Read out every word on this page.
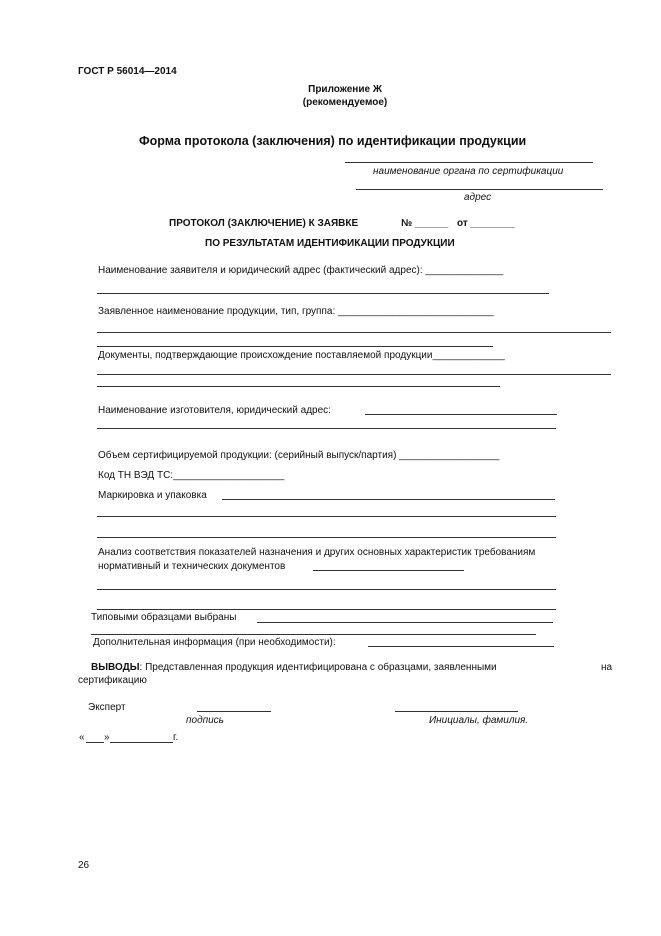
ГОСТ Р 56014—2014
Приложение Ж
(рекомендуемое)
Форма протокола (заключения) по идентификации продукции
наименование органа по сертификации
адрес
ПРОТОКОЛ (ЗАКЛЮЧЕНИЕ) К ЗАЯВКЕ	№ ______ от ________
ПО РЕЗУЛЬТАТАМ ИДЕНТИФИКАЦИИ ПРОДУКЦИИ
Наименование заявителя и юридический адрес (фактический адрес): ______________
Заявленное наименование продукции, тип, группа: ____________________________
Документы, подтверждающие происхождение поставляемой продукции_____________
Наименование изготовителя, юридический адрес:
Объем сертифицируемой продукции: (серийный выпуск/партия) __________________
Код ТН ВЭД ТС:____________________
Маркировка и упаковка
Анализ соответствия показателей назначения и других основных характеристик требованиям
нормативный и технических документов
Типовыми образцами выбраны
Дополнительная информация (при необходимости):
ВЫВОДЫ: Представленная продукция идентифицирована с образцами, заявленными	на
сертификацию
Эксперт
подпись	Инициалы, фамилия.
« »	г.
26
